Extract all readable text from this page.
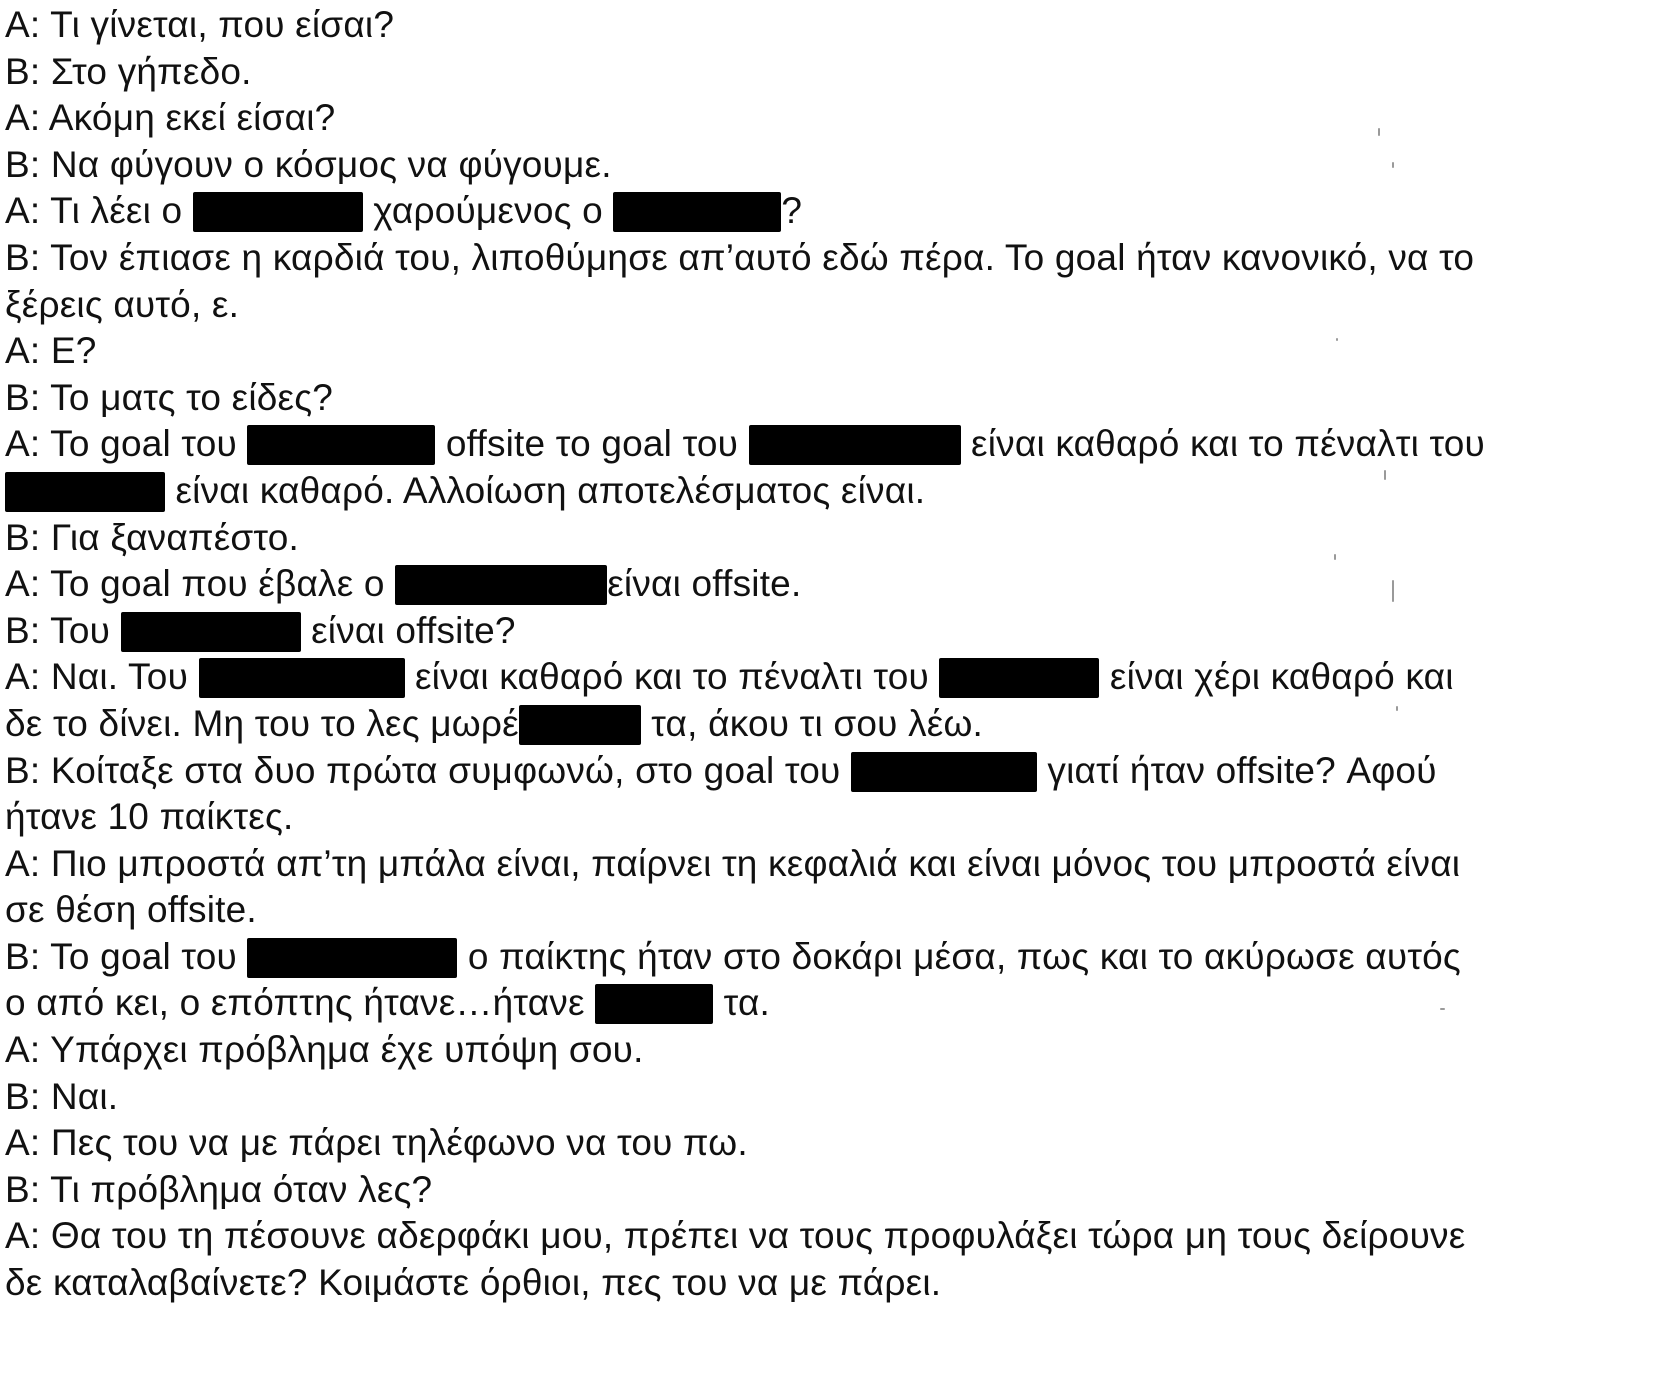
Α: Τι γίνεται, που είσαι?
Β: Στο γήπεδο.
Α: Ακόμη εκεί είσαι?
Β: Να φύγουν ο κόσμος να φύγουμε.
Α: Τι λέει ο	χαρούμενος ο	?
Β: Τον έπιασε η καρδιά του, λιποθύμησε απ’αυτό εδώ πέρα. Το goal ήταν κανονικό, να το
ξέρεις αυτό, ε.
Α: Ε?
Β: Το ματς το είδες?
Α: Το goal του	offsite το goal του	είναι καθαρό και το πέναλτι του
είναι καθαρό. Αλλοίωση αποτελέσματος είναι.
Β: Για ξαναπέστο.
Α: Το goal που έβαλε ο	είναι offsite.
Β: Του	είναι offsite?
Α: Ναι. Του	είναι καθαρό και το πέναλτι του	είναι χέρι καθαρό και
δε το δίνει. Μη του το λες μωρέ	τα, άκου τι σου λέω.
Β: Κοίταξε στα δυο πρώτα συμφωνώ, στο goal του	γιατί ήταν offsite? Αφού
ήτανε 10 παίκτες.
Α: Πιο μπροστά απ’τη μπάλα είναι, παίρνει τη κεφαλιά και είναι μόνος του μπροστά είναι
σε θέση offsite.
Β: Το goal του	ο παίκτης ήταν στο δοκάρι μέσα, πως και το ακύρωσε αυτός
ο από κει, ο επόπτης ήτανε…ήτανε	τα.
Α: Υπάρχει πρόβλημα έχε υπόψη σου.
Β: Ναι.
Α: Πες του να με πάρει τηλέφωνο να του πω.
Β: Τι πρόβλημα όταν λες?
Α: Θα του τη πέσουνε αδερφάκι μου, πρέπει να τους προφυλάξει τώρα μη τους δείρουνε
δε καταλαβαίνετε? Κοιμάστε όρθιοι, πες του να με πάρει.
